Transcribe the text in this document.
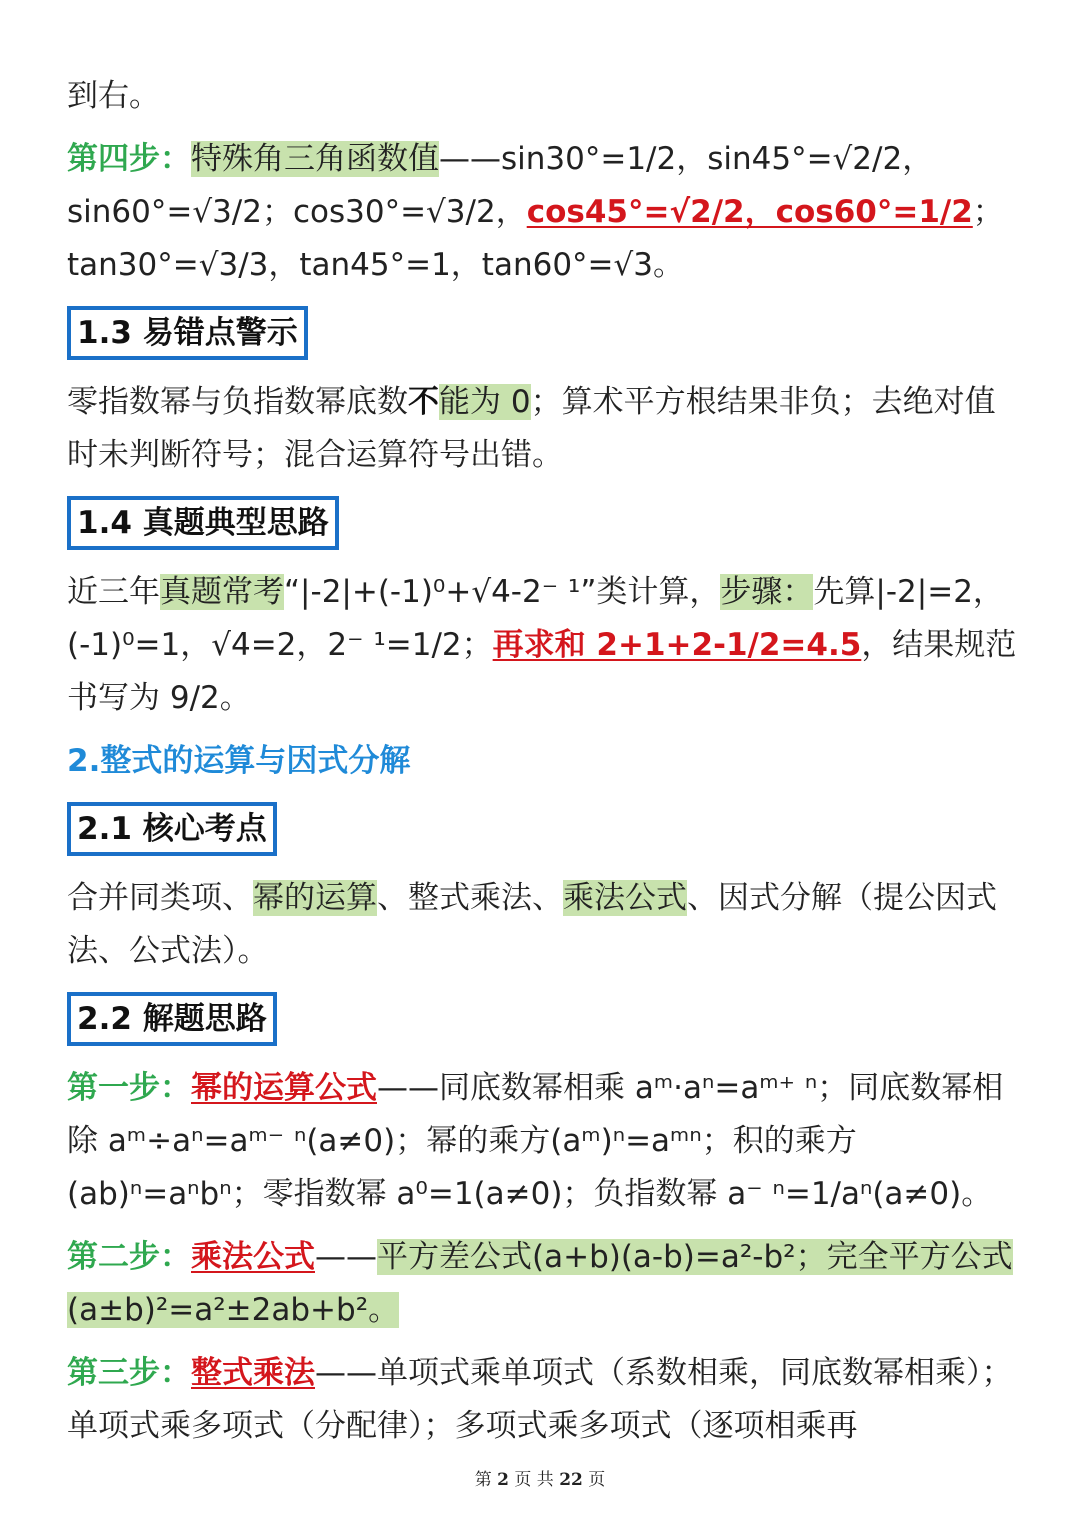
到右。

第四步：特殊角三角函数值——sin30°=1/2，sin45°=√2/2，sin60°=√3/2；cos30°=√3/2，cos45°=√2/2，cos60°=1/2；tan30°=√3/3，tan45°=1，tan60°=√3。

1.3 易错点警示

零指数幂与负指数幂底数不能为 0；算术平方根结果非负；去绝对值时未判断符号；混合运算符号出错。

1.4 真题典型思路

近三年真题常考“|-2|+(-1)⁰+√4-2⁻ ¹”类计算，步骤：先算|-2|=2，(-1)⁰=1，√4=2，2⁻ ¹=1/2；再求和 2+1+2-1/2=4.5，结果规范书写为 9/2。

2.整式的运算与因式分解

2.1 核心考点

合并同类项、幂的运算、整式乘法、乘法公式、因式分解（提公因式法、公式法）。

2.2 解题思路

第一步：幂的运算公式——同底数幂相乘 aᵐ·aⁿ=aᵐ⁺ ⁿ；同底数幂相除 aᵐ÷aⁿ=aᵐ⁻ ⁿ(a≠0)；幂的乘方(aᵐ)ⁿ=aᵐⁿ；积的乘方(ab)ⁿ=aⁿbⁿ；零指数幂 a⁰=1(a≠0)；负指数幂 a⁻ ⁿ=1/aⁿ(a≠0)。

第二步：乘法公式——平方差公式(a+b)(a-b)=a²-b²；完全平方公式(a±b)²=a²±2ab+b²。

第三步：整式乘法——单项式乘单项式（系数相乘，同底数幂相乘）；单项式乘多项式（分配律）；多项式乘多项式（逐项相乘再

第 2 页 共 22 页
